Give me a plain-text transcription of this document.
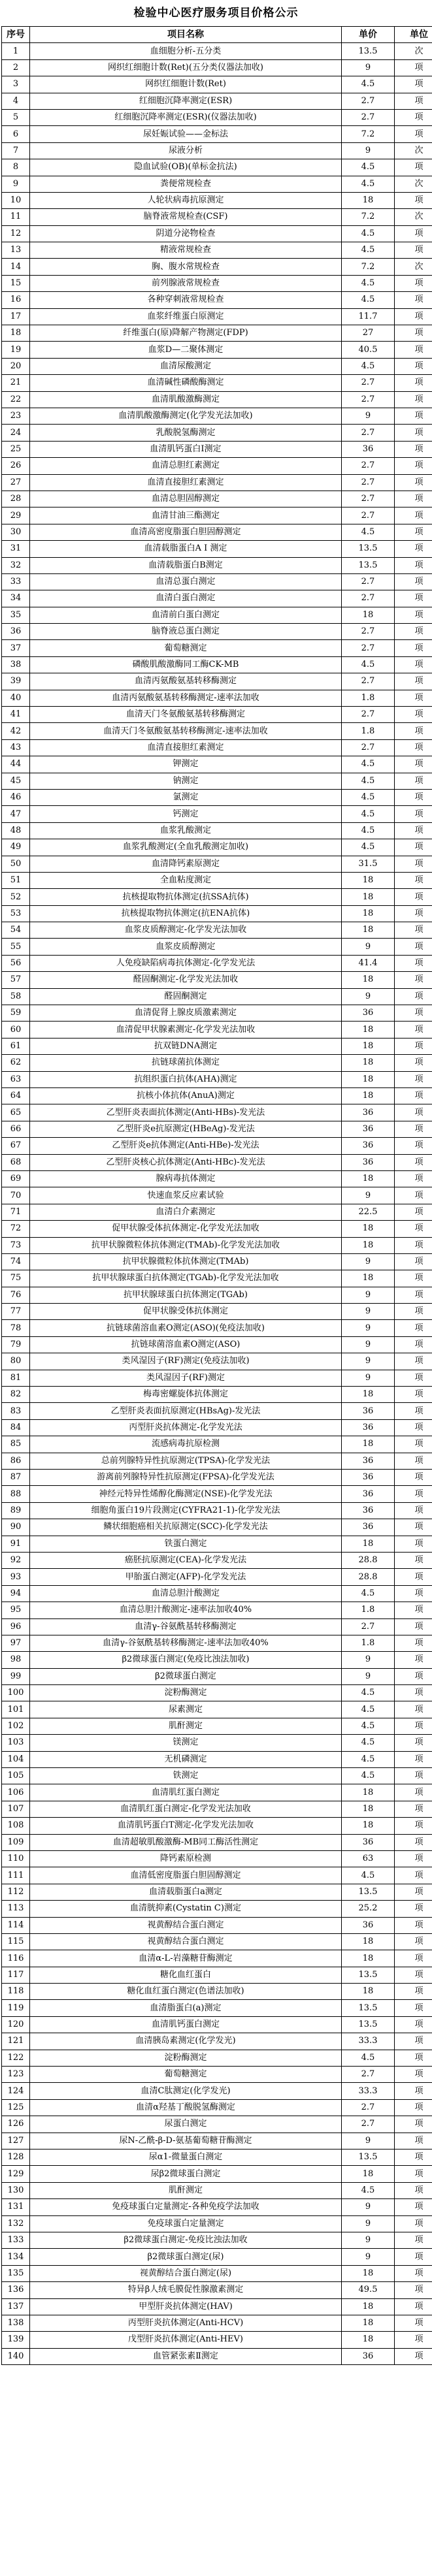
检验中心医疗服务项目价格公示
序号	项目名称	单价	单位
1	血细胞分析-五分类	13.5	次
2	网织红细胞计数(Ret)(五分类仪器法加收)	9	项
3	网织红细胞计数(Ret)	4.5	项
4	红细胞沉降率测定(ESR)	2.7	项
5	红细胞沉降率测定(ESR)(仪器法加收)	2.7	项
6	尿妊娠试验——金标法	7.2	项
7	尿液分析	9	次
8	隐血试验(OB)(单标金抗法)	4.5	项
9	粪便常规检查	4.5	次
10	人轮状病毒抗原测定	18	项
11	脑脊液常规检查(CSF)	7.2	次
12	阴道分泌物检查	4.5	项
13	精液常规检查	4.5	项
14	胸、腹水常规检查	7.2	次
15	前列腺液常规检查	4.5	项
16	各种穿刺液常规检查	4.5	项
17	血浆纤维蛋白原测定	11.7	项
18	纤维蛋白(原)降解产物测定(FDP)	27	项
19	血浆D—二聚体测定	40.5	项
20	血清尿酸测定	4.5	项
21	血清碱性磷酸酶测定	2.7	项
22	血清肌酸激酶测定	2.7	项
23	血清肌酸激酶测定(化学发光法加收)	9	项
24	乳酸脱氢酶测定	2.7	项
25	血清肌钙蛋白I测定	36	项
26	血清总胆红素测定	2.7	项
27	血清直接胆红素测定	2.7	项
28	血清总胆固醇测定	2.7	项
29	血清甘油三酯测定	2.7	项
30	血清高密度脂蛋白胆固醇测定	4.5	项
31	血清载脂蛋白A I 测定	13.5	项
32	血清载脂蛋白B测定	13.5	项
33	血清总蛋白测定	2.7	项
34	血清白蛋白测定	2.7	项
35	血清前白蛋白测定	18	项
36	脑脊液总蛋白测定	2.7	项
37	葡萄糖测定	2.7	项
38	磷酸肌酸激酶同工酶CK-MB	4.5	项
39	血清丙氨酸氨基转移酶测定	2.7	项
40	血清丙氨酸氨基转移酶测定-速率法加收	1.8	项
41	血清天门冬氨酸氨基转移酶测定	2.7	项
42	血清天门冬氨酸氨基转移酶测定-速率法加收	1.8	项
43	血清直接胆红素测定	2.7	项
44	钾测定	4.5	项
45	钠测定	4.5	项
46	氯测定	4.5	项
47	钙测定	4.5	项
48	血浆乳酸测定	4.5	项
49	血浆乳酸测定(全血乳酸测定加收)	4.5	项
50	血清降钙素原测定	31.5	项
51	全血粘度测定	18	项
52	抗核提取物抗体测定(抗SSA抗体)	18	项
53	抗核提取物抗体测定(抗ENA抗体)	18	项
54	血浆皮质醇测定-化学发光法加收	18	项
55	血浆皮质醇测定	9	项
56	人免疫缺陷病毒抗体测定-化学发光法	41.4	项
57	醛固酮测定-化学发光法加收	18	项
58	醛固酮测定	9	项
59	血清促肾上腺皮质激素测定	36	项
60	血清促甲状腺素测定-化学发光法加收	18	项
61	抗双链DNA测定	18	项
62	抗链球菌抗体测定	18	项
63	抗组织蛋白抗体(AHA)测定	18	项
64	抗核小体抗体(AnuA)测定	18	项
65	乙型肝炎表面抗体测定(Anti-HBs)-发光法	36	项
66	乙型肝炎e抗原测定(HBeAg)-发光法	36	项
67	乙型肝炎e抗体测定(Anti-HBe)-发光法	36	项
68	乙型肝炎核心抗体测定(Anti-HBc)-发光法	36	项
69	腺病毒抗体测定	18	项
70	快速血浆反应素试验	9	项
71	血清白介素测定	22.5	项
72	促甲状腺受体抗体测定-化学发光法加收	18	项
73	抗甲状腺微粒体抗体测定(TMAb)-化学发光法加收	18	项
74	抗甲状腺微粒体抗体测定(TMAb)	9	项
75	抗甲状腺球蛋白抗体测定(TGAb)-化学发光法加收	18	项
76	抗甲状腺球蛋白抗体测定(TGAb)	9	项
77	促甲状腺受体抗体测定	9	项
78	抗链球菌溶血素O测定(ASO)(免疫法加收)	9	项
79	抗链球菌溶血素O测定(ASO)	9	项
80	类风湿因子(RF)测定(免疫法加收)	9	项
81	类风湿因子(RF)测定	9	项
82	梅毒密螺旋体抗体测定	18	项
83	乙型肝炎表面抗原测定(HBsAg)-发光法	36	项
84	丙型肝炎抗体测定-化学发光法	36	项
85	流感病毒抗原检测	18	项
86	总前列腺特异性抗原测定(TPSA)-化学发光法	36	项
87	游离前列腺特异性抗原测定(FPSA)-化学发光法	36	项
88	神经元特异性烯醇化酶测定(NSE)-化学发光法	36	项
89	细胞角蛋白19片段测定(CYFRA21-1)-化学发光法	36	项
90	鳞状细胞癌相关抗原测定(SCC)-化学发光法	36	项
91	铁蛋白测定	18	项
92	癌胚抗原测定(CEA)-化学发光法	28.8	项
93	甲胎蛋白测定(AFP)-化学发光法	28.8	项
94	血清总胆汁酸测定	4.5	项
95	血清总胆汁酸测定-速率法加收40%	1.8	项
96	血清γ-谷氨酰基转移酶测定	2.7	项
97	血清γ-谷氨酰基转移酶测定-速率法加收40%	1.8	项
98	β2微球蛋白测定(免疫比浊法加收)	9	项
99	β2微球蛋白测定	9	项
100	淀粉酶测定	4.5	项
101	尿素测定	4.5	项
102	肌酐测定	4.5	项
103	镁测定	4.5	项
104	无机磷测定	4.5	项
105	铁测定	4.5	项
106	血清肌红蛋白测定	18	项
107	血清肌红蛋白测定-化学发光法加收	18	项
108	血清肌钙蛋白T测定-化学发光法加收	18	项
109	血清超敏肌酸激酶-MB同工酶活性测定	36	项
110	降钙素原检测	63	项
111	血清低密度脂蛋白胆固醇测定	4.5	项
112	血清载脂蛋白a测定	13.5	项
113	血清胱抑素(Cystatin C)测定	25.2	项
114	视黄醇结合蛋白测定	36	项
115	视黄醇结合蛋白测定	18	项
116	血清α-L-岩藻糖苷酶测定	18	项
117	糖化血红蛋白	13.5	项
118	糖化血红蛋白测定(色谱法加收)	18	项
119	血清脂蛋白(a)测定	13.5	项
120	血清肌钙蛋白测定	13.5	项
121	血清胰岛素测定(化学发光)	33.3	项
122	淀粉酶测定	4.5	项
123	葡萄糖测定	2.7	项
124	血清C肽测定(化学发光)	33.3	项
125	血清α羟基丁酸脱氢酶测定	2.7	项
126	尿蛋白测定	2.7	项
127	尿N-乙酰-β-D-氨基葡萄糖苷酶测定	9	项
128	尿α1-微量蛋白测定	13.5	项
129	尿β2微球蛋白测定	18	项
130	肌酐测定	4.5	项
131	免疫球蛋白定量测定-各种免疫学法加收	9	项
132	免疫球蛋白定量测定	9	项
133	β2微球蛋白测定-免疫比浊法加收	9	项
134	β2微球蛋白测定(尿)	9	项
135	视黄醇结合蛋白测定(尿)	18	项
136	特异β人绒毛膜促性腺激素测定	49.5	项
137	甲型肝炎抗体测定(HAV)	18	项
138	丙型肝炎抗体测定(Anti-HCV)	18	项
139	戊型肝炎抗体测定(Anti-HEV)	18	项
140	血管紧张素Ⅱ测定	36	项
